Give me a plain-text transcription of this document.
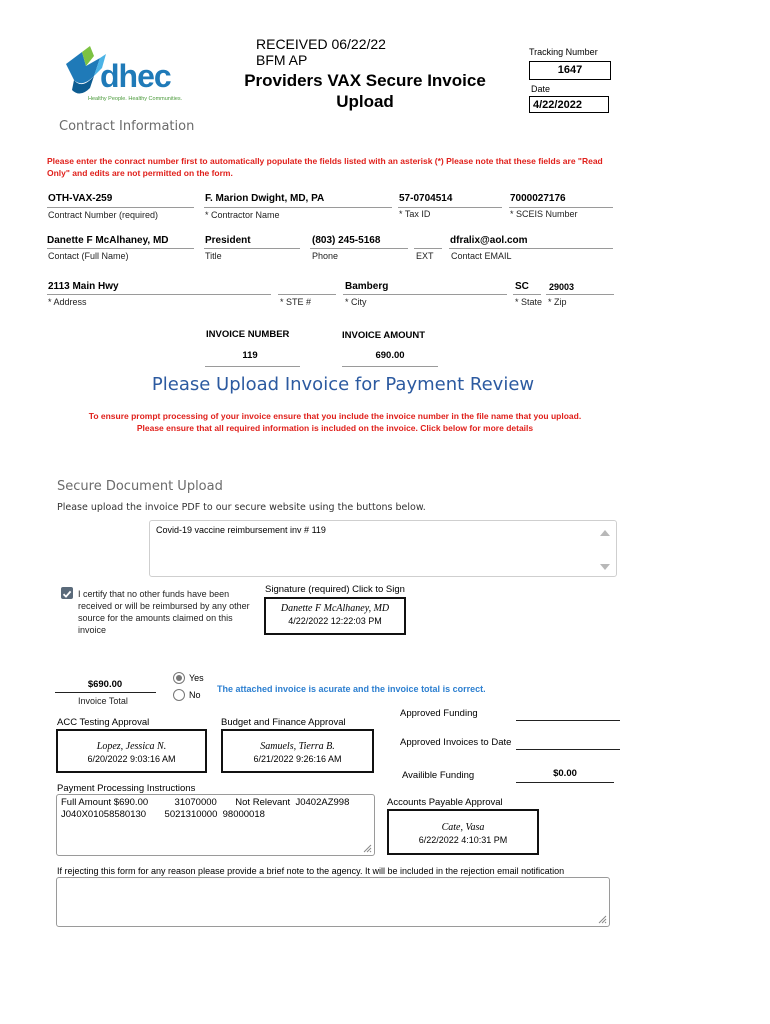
dhec
Healthy People. Healthy Communities.
RECEIVED 06/22/22
BFM AP
Providers VAX Secure Invoice
Upload
Tracking Number
1647
Date
4/22/2022
Contract Information
Please enter the conract number first to automatically populate the fields listed with an asterisk (*) Please note that these fields are "Read Only" and edits are not permitted on the form.
OTH-VAX-259
Contract Number (required)
F. Marion Dwight, MD, PA
* Contractor Name
57-0704514
* Tax ID
7000027176
* SCEIS Number
Danette F McAlhaney, MD
Contact (Full Name)
President
Title
(803) 245-5168
Phone	EXT
dfralix@aol.com
Contact EMAIL
2113 Main Hwy
* Address	* STE #
Bamberg
* City
SC
* State
29003
* Zip
INVOICE NUMBER
119
INVOICE AMOUNT
690.00
Please Upload Invoice for Payment Review
To ensure prompt processing of your invoice ensure that you include the invoice number in the file name that you upload.
Please ensure that all required information is included on the invoice. Click below for more details
Secure Document Upload
Please upload the invoice PDF to our secure website using the buttons below.
Covid-19 vaccine reimbursement inv # 119
I certify that no other funds have been received or will be reimbursed by any other source for the amounts claimed on this invoice
Signature (required) Click to Sign
Danette F McAlhaney, MD
4/22/2022 12:22:03 PM
$690.00
Invoice Total
Yes
No
The attached invoice is acurate and the invoice total is correct.
ACC Testing Approval
Lopez, Jessica N.
6/20/2022 9:03:16 AM
Budget and Finance Approval
Samuels, Tierra B.
6/21/2022 9:26:16 AM
Approved Funding
Approved Invoices to Date
Availible Funding	$0.00
Payment Processing Instructions
Full Amount $690.00          31070000       Not Relevant  J0402AZ998
J040X01058580130       5021310000  98000018
Accounts Payable Approval
Cate, Vasa
6/22/2022 4:10:31 PM
If rejecting this form for any reason please provide a brief note to the agency. It will be included in the rejection email notification
